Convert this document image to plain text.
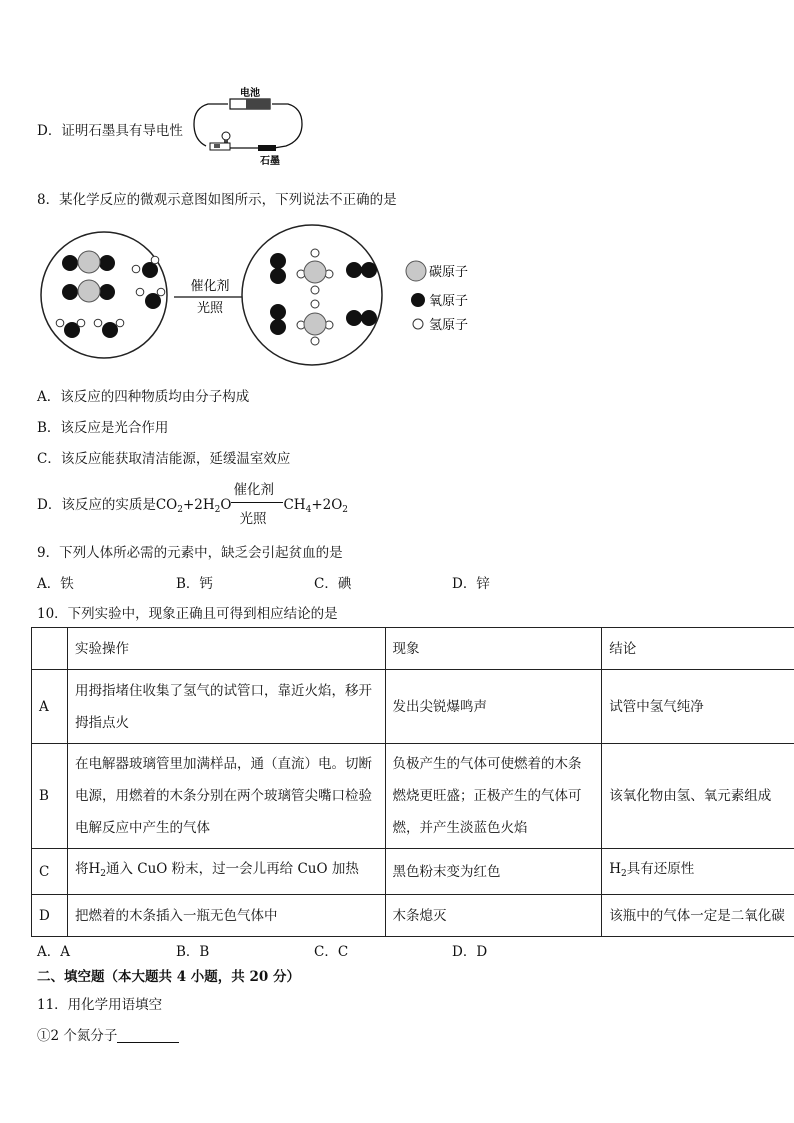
D．证明石墨具有导电性
电池
石墨
8．某化学反应的微观示意图如图所示，下列说法不正确的是
催化剂
光照
碳原子
氧原子
氢原子
A．该反应的四种物质均由分子构成
B．该反应是光合作用
C．该反应能获取清洁能源，延缓温室效应
D．该反应的实质是$CO_2+2H_2O$
催化剂
光照
$CH_4+2O_2$
9．下列人体所必需的元素中，缺乏会引起贫血的是
A．铁	B．钙	C．碘	D．锌
10．下列实验中，现象正确且可得到相应结论的是
	实验操作	现象	结论
A	用拇指堵住收集了氢气的试管口，靠近火焰，移开拇指点火	发出尖锐爆鸣声	试管中氢气纯净
B	在电解器玻璃管里加满样品，通（直流）电。切断电源，用燃着的木条分别在两个玻璃管尖嘴口检验电解反应中产生的气体	负极产生的气体可使燃着的木条燃烧更旺盛；正极产生的气体可燃，并产生淡蓝色火焰	该氧化物由氢、氧元素组成
C	将$H_2$通入 CuO 粉末，过一会儿再给 CuO 加热	黑色粉末变为红色	$H_2$具有还原性
D	把燃着的木条插入一瓶无色气体中	木条熄灭	该瓶中的气体一定是二氧化碳
A．A	B．B	C．C	D．D
二、填空题（本大题共 4 小题，共 20 分）
11．用化学用语填空
①2 个氮分子
